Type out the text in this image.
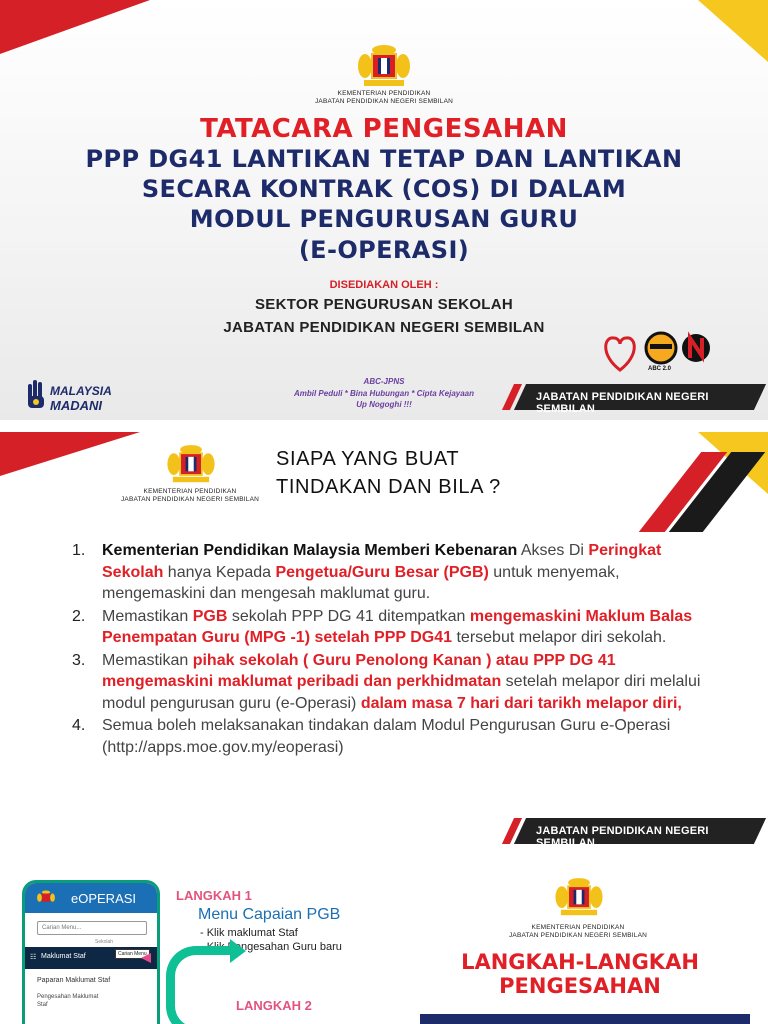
KEMENTERIAN PENDIDIKAN
JABATAN PENDIDIKAN NEGERI SEMBILAN
TATACARA PENGESAHAN
PPP DG41 LANTIKAN TETAP DAN LANTIKAN
SECARA KONTRAK (COS) DI DALAM
MODUL PENGURUSAN GURU
(E-OPERASI)
DISEDIAKAN OLEH :
SEKTOR PENGURUSAN SEKOLAH
JABATAN PENDIDIKAN NEGERI SEMBILAN
ABC 2.0
MALAYSIA
MADANI
ABC-JPNS
Ambil Peduli * Bina Hubungan * Cipta Kejayaan
Up Nogoghi !!!
JABATAN PENDIDIKAN NEGERI SEMBILAN
KEMENTERIAN PENDIDIKAN
JABATAN PENDIDIKAN NEGERI SEMBILAN
SIAPA YANG BUAT
TINDAKAN DAN BILA ?
1. Kementerian Pendidikan Malaysia Memberi Kebenaran Akses Di Peringkat Sekolah hanya Kepada Pengetua/Guru Besar (PGB) untuk menyemak, mengemaskini dan mengesah maklumat guru.
2. Memastikan PGB sekolah PPP DG 41 ditempatkan mengemaskini Maklum Balas Penempatan Guru (MPG -1) setelah PPP DG41 tersebut melapor diri sekolah.
3. Memastikan pihak sekolah ( Guru Penolong Kanan ) atau PPP DG 41 mengemaskini maklumat peribadi dan perkhidmatan setelah melapor diri melalui modul pengurusan guru (e-Operasi) dalam masa 7 hari dari tarikh melapor diri,
4. Semua boleh melaksanakan tindakan dalam Modul Pengurusan Guru e-Operasi (http://apps.moe.gov.my/eoperasi)
JABATAN PENDIDIKAN NEGERI SEMBILAN
eOPERASI
Carian Menu...
Sekolah
☷ Maklumat Staf	Carian Menu
Paparan Maklumat Staf
Pengesahan Maklumat
Staf
LANGKAH 1
Menu Capaian PGB
- Klik maklumat Staf
- Klik Pengesahan Guru baru
LANGKAH 2
KEMENTERIAN PENDIDIKAN
JABATAN PENDIDIKAN NEGERI SEMBILAN
LANGKAH-LANGKAH
PENGESAHAN
